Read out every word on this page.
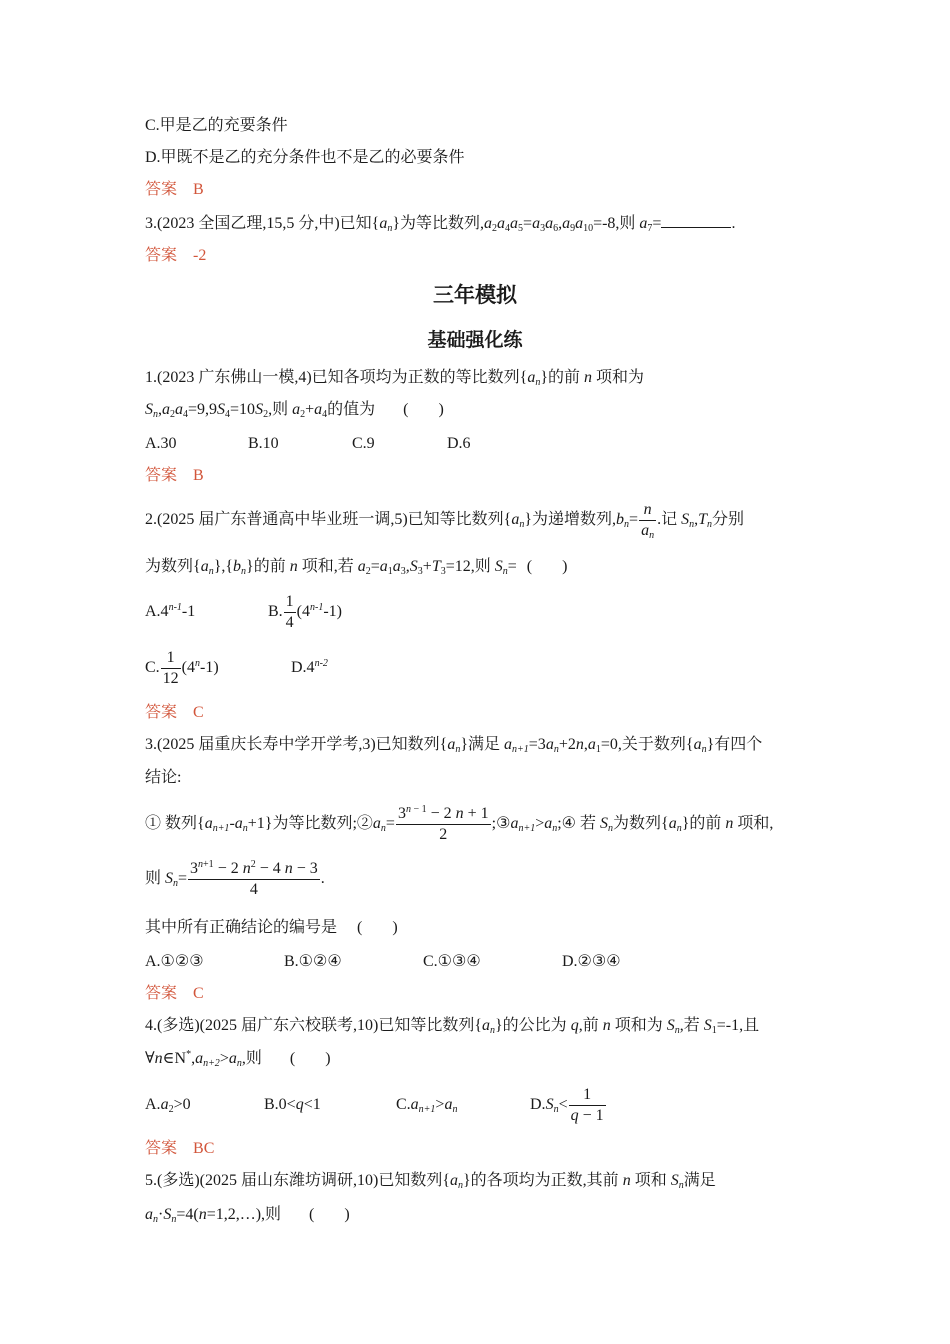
C.甲是乙的充要条件
D.甲既不是乙的充分条件也不是乙的必要条件
答案 B
3.(2023 全国乙理,15,5 分,中)已知$\{a_n\}$为等比数列$,a_2a_4a_5=a_3a_6,a_9a_{10}=-8$,则 $a_7=$	.
答案 -2
三年模拟
基础强化练
1.(2023 广东佛山一模,4)已知各项均为正数的等比数列$\{a_n\}$的前 n 项和为
$S_n,a_2a_4=9,9S_4=10S_2$,则 $a_2+a_4$的值为 ( )
A.30	B.10	C.9	D.6
答案 B
2.(2025 届广东普通高中毕业班一调,5)已知等比数列$\{a_n\}$为递增数列$,b_n= \frac{n}{a_n}$ .记 $S_n,T_n$分别
为数列$\{a_n\},\{b_n\}$的前 n 项和,若 $a_2=a_1a_3,S_3+T_3=12$,则 $S_n=$ ( )
A.4$^{n-1}$-1	B. $\frac{1}{4} (4^{n-1}-1)$
C. $\frac{1}{12} (4^n-1)$	D.4$^{n-2}$
答案 C
3.(2025 届重庆长寿中学开学考,3)已知数列$\{a_n\}$满足 $a_{n+1}=3a_n+2n,a_1=0$,关于数列$\{a_n\}$有四个
结论:
① 数列$\{a_{n+1}-a_n+1\}$为等比数列$;②a_n= \frac{3^{n - 1} - 2 n + 1}{2}$ $;③a_{n+1}>a_n;④$ 若 $S_n$为数列$\{a_n\}$的前 n 项和,
则 $S_n= \frac{3^{n+1} - 2 n^2 - 4 n - 3}{4}$ .
其中所有正确结论的编号是 ( )
A.①②③	B.①②④	C.①③④	D.②③④
答案 C
4.(多选)(2025 届广东六校联考,10)已知等比数列$\{a_n\}$的公比为 q,前 n 项和为 $S_n$,若 $S_1=-1$,且
$\forall n\in N^*,a_{n+2}>a_n$,则 ( )
$A.a_2>0$	B.0<q<1	$C.a_{n+1}>a_n$	$D.S_n< \frac{1}{q - 1}$
答案 BC
5.(多选)(2025 届山东潍坊调研,10)已知数列$\{a_n\}$的各项均为正数,其前 n 项和 $S_n$满足
$a_n\cdot S_n=4(n=1,2,\dots)$,则 ( )
